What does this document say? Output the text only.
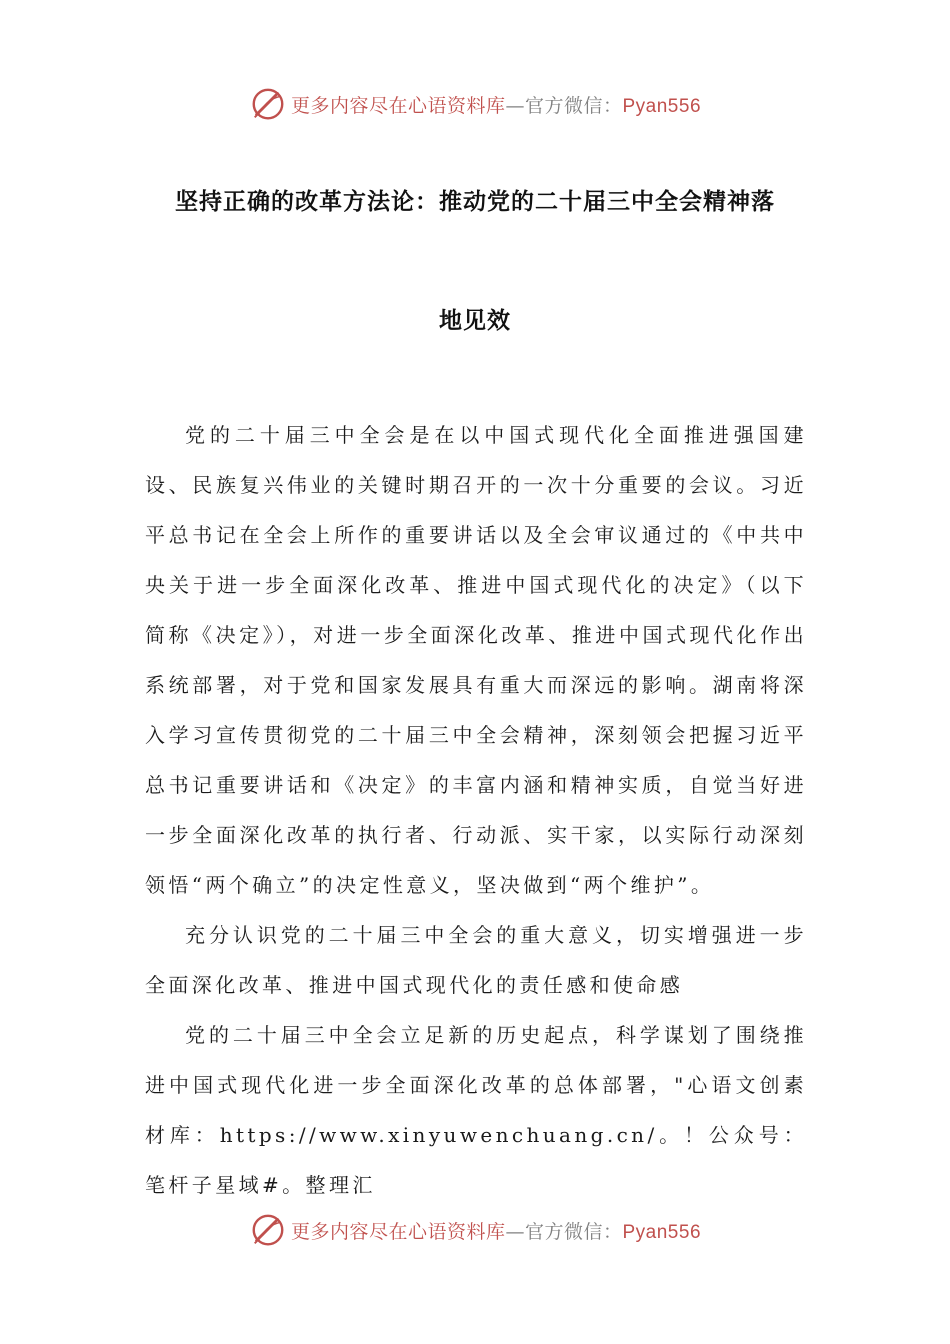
更多内容尽在心语资料库—官方微信：Pyan556
坚持正确的改革方法论：推动党的二十届三中全会精神落
地见效

党的二十届三中全会是在以中国式现代化全面推进强国建设、民族复兴伟业的关键时期召开的一次十分重要的会议。习近平总书记在全会上所作的重要讲话以及全会审议通过的《中共中央关于进一步全面深化改革、推进中国式现代化的决定》（以下简称《决定》），对进一步全面深化改革、推进中国式现代化作出系统部署，对于党和国家发展具有重大而深远的影响。湖南将深入学习宣传贯彻党的二十届三中全会精神，深刻领会把握习近平总书记重要讲话和《决定》的丰富内涵和精神实质，自觉当好进一步全面深化改革的执行者、行动派、实干家，以实际行动深刻领悟“两个确立”的决定性意义，坚决做到“两个维护”。

充分认识党的二十届三中全会的重大意义，切实增强进一步全面深化改革、推进中国式现代化的责任感和使命感

党的二十届三中全会立足新的历史起点，科学谋划了围绕推进中国式现代化进一步全面深化改革的总体部署，"心语文创素材库：https://www.xinyuwenchuang.cn/。！公众号：笔杆子星域#。整理汇

更多内容尽在心语资料库—官方微信：Pyan556
